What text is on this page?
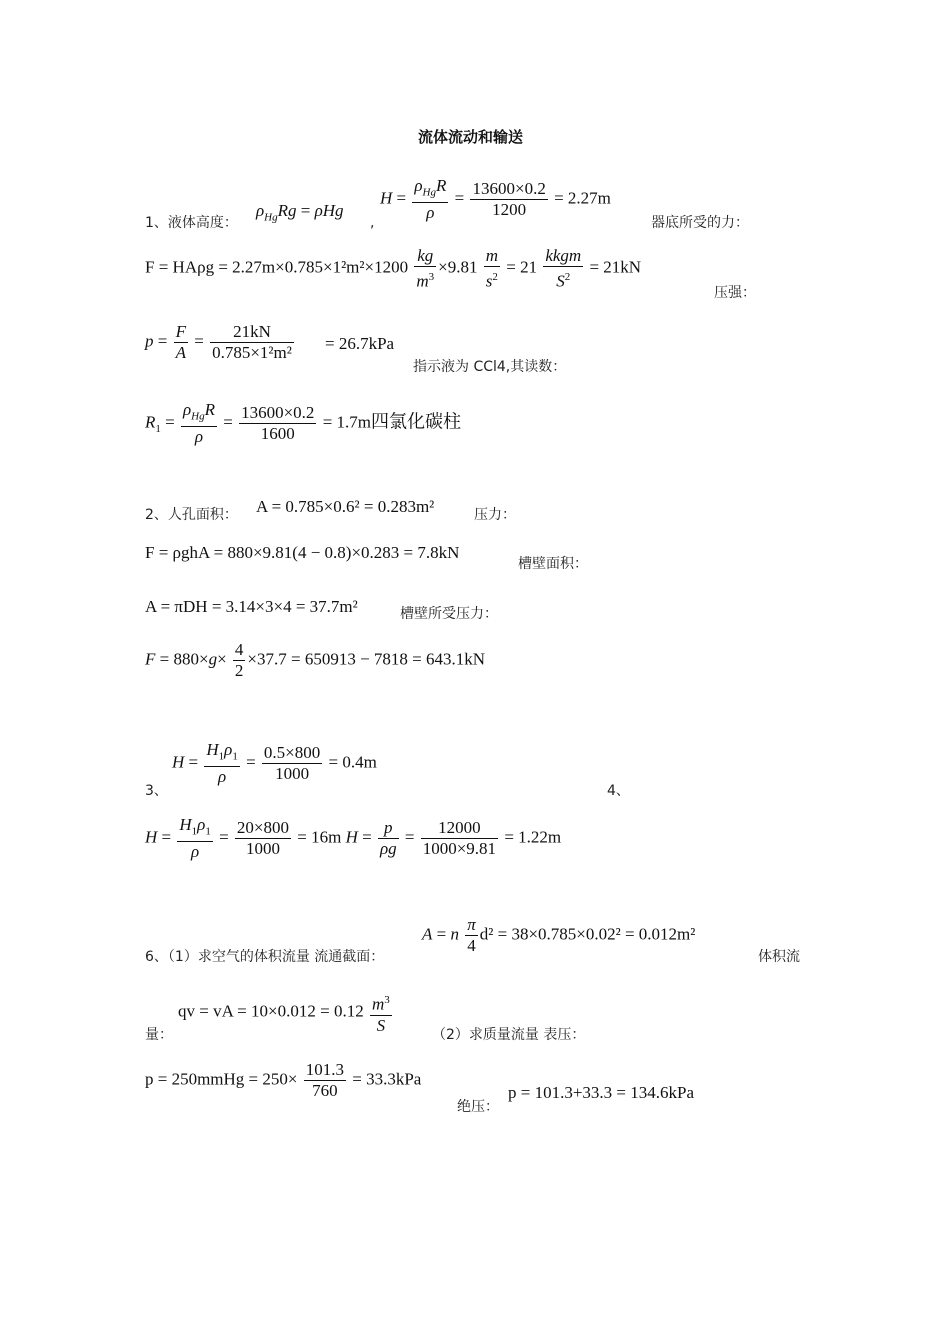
流体流动和输送
1、液体高度：
$\rho_{Hg}Rg = \rho Hg$
,
$H = \frac{\rho_{Hg}R}{\rho} = \frac{13600\times 0.2}{1200} = 2.27m$
器底所受的力：
$F = HA\rho g = 2.27m\times 0.785\times 1^2m^2\times 1200 \frac{kg}{m^3} \times 9.81 \frac{m}{s^2} = 21 \frac{\text{kkgm}}{S^2} = 21kN$
压强：
$p = \frac{F}{A} = \frac{21kN}{\text{0.785×1²m²}} = 26.7kPa$
指示液为 CCl4,其读数：
$R_1 = \frac{\rho_{Hg}R}{\rho} = \frac{13600\times 0.2}{1600} = 1.7m$四氯化碳柱
2、人孔面积： A = 0.785×0.6² = 0.283m²	压力：
F = ρghA = 880×9.81(4 − 0.8)×0.283 = 7.8kN
槽壁面积：
A = πDH = 3.14×3×4 = 37.7m²	槽壁所受压力：
$F = 880\times g\times \frac{4}{2} \times 37.7 = 650913 - 7818 = 643.1kN$
$H = \frac{H_1\rho_1}{\rho} = \frac{0.5\times 800}{1000} = 0.4m$
3、	4、
$H = \frac{H_1\rho_1}{\rho} = \frac{20\times 800}{1000} = 16m$ $H = \frac{p}{\rho g} = \frac{12000}{1000\times 9.81} = 1.22m$
6、（1）求空气的体积流量 流通截面：
A = n $\frac{\pi}{4} d^2 = 38\times 0.785\times 0.02^2 = 0.012m^2$
体积流
量：
qv = vA = $10\times 0.012 = 0.12 \frac{m^3}{S}$	（2）求质量流量 表压：
p = 250mmHg = $250\times \frac{101.3}{760} = 33.3kPa$
绝压：
p = 101.3+33.3 = 134.6kPa
